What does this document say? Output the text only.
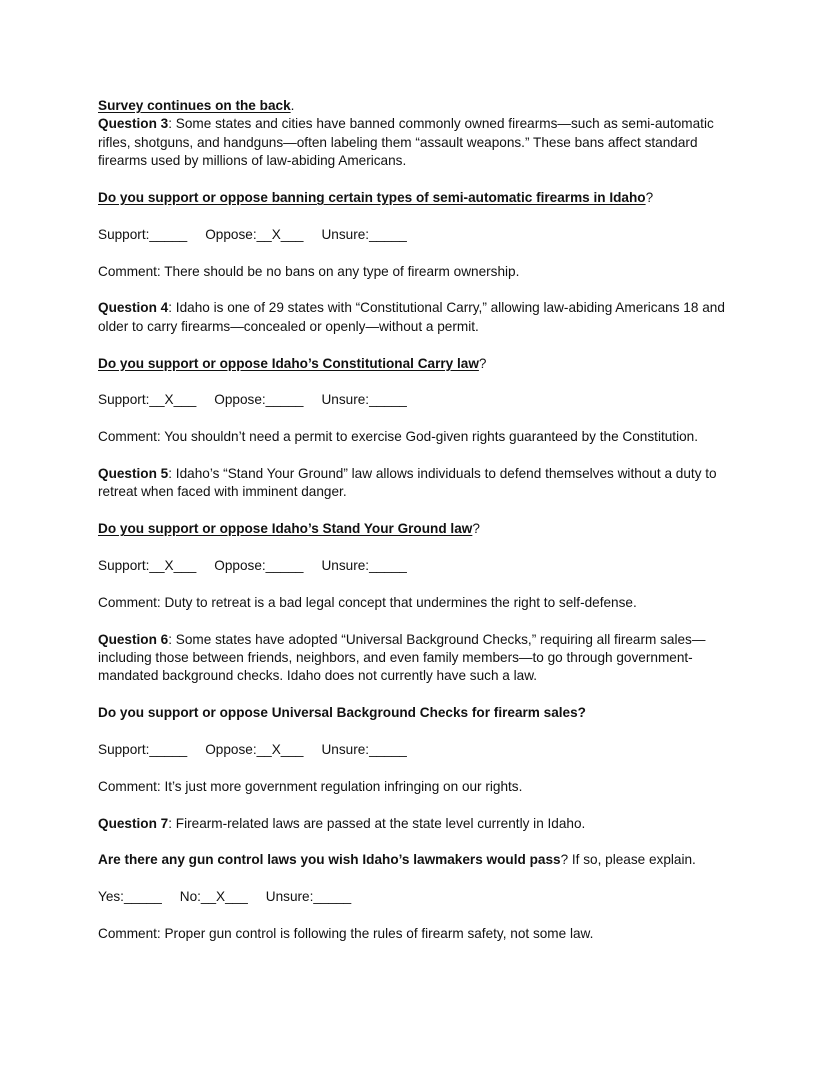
Survey continues on the back.

Question 3: Some states and cities have banned commonly owned firearms—such as semi-automatic rifles, shotguns, and handguns—often labeling them “assault weapons.” These bans affect standard firearms used by millions of law-abiding Americans.

Do you support or oppose banning certain types of semi-automatic firearms in Idaho?

Support:_____ Oppose:__X___ Unsure:_____

Comment: There should be no bans on any type of firearm ownership.

Question 4: Idaho is one of 29 states with “Constitutional Carry,” allowing law-abiding Americans 18 and older to carry firearms—concealed or openly—without a permit.

Do you support or oppose Idaho’s Constitutional Carry law?

Support:__X___ Oppose:_____ Unsure:_____

Comment: You shouldn’t need a permit to exercise God-given rights guaranteed by the Constitution.

Question 5: Idaho’s “Stand Your Ground” law allows individuals to defend themselves without a duty to retreat when faced with imminent danger.

Do you support or oppose Idaho’s Stand Your Ground law?

Support:__X___ Oppose:_____ Unsure:_____

Comment: Duty to retreat is a bad legal concept that undermines the right to self-defense.

Question 6: Some states have adopted “Universal Background Checks,” requiring all firearm sales—including those between friends, neighbors, and even family members—to go through government-mandated background checks. Idaho does not currently have such a law.

Do you support or oppose Universal Background Checks for firearm sales?

Support:_____ Oppose:__X___ Unsure:_____

Comment: It’s just more government regulation infringing on our rights.

Question 7: Firearm-related laws are passed at the state level currently in Idaho.

Are there any gun control laws you wish Idaho’s lawmakers would pass? If so, please explain.

Yes:_____ No:__X___ Unsure:_____

Comment: Proper gun control is following the rules of firearm safety, not some law.
